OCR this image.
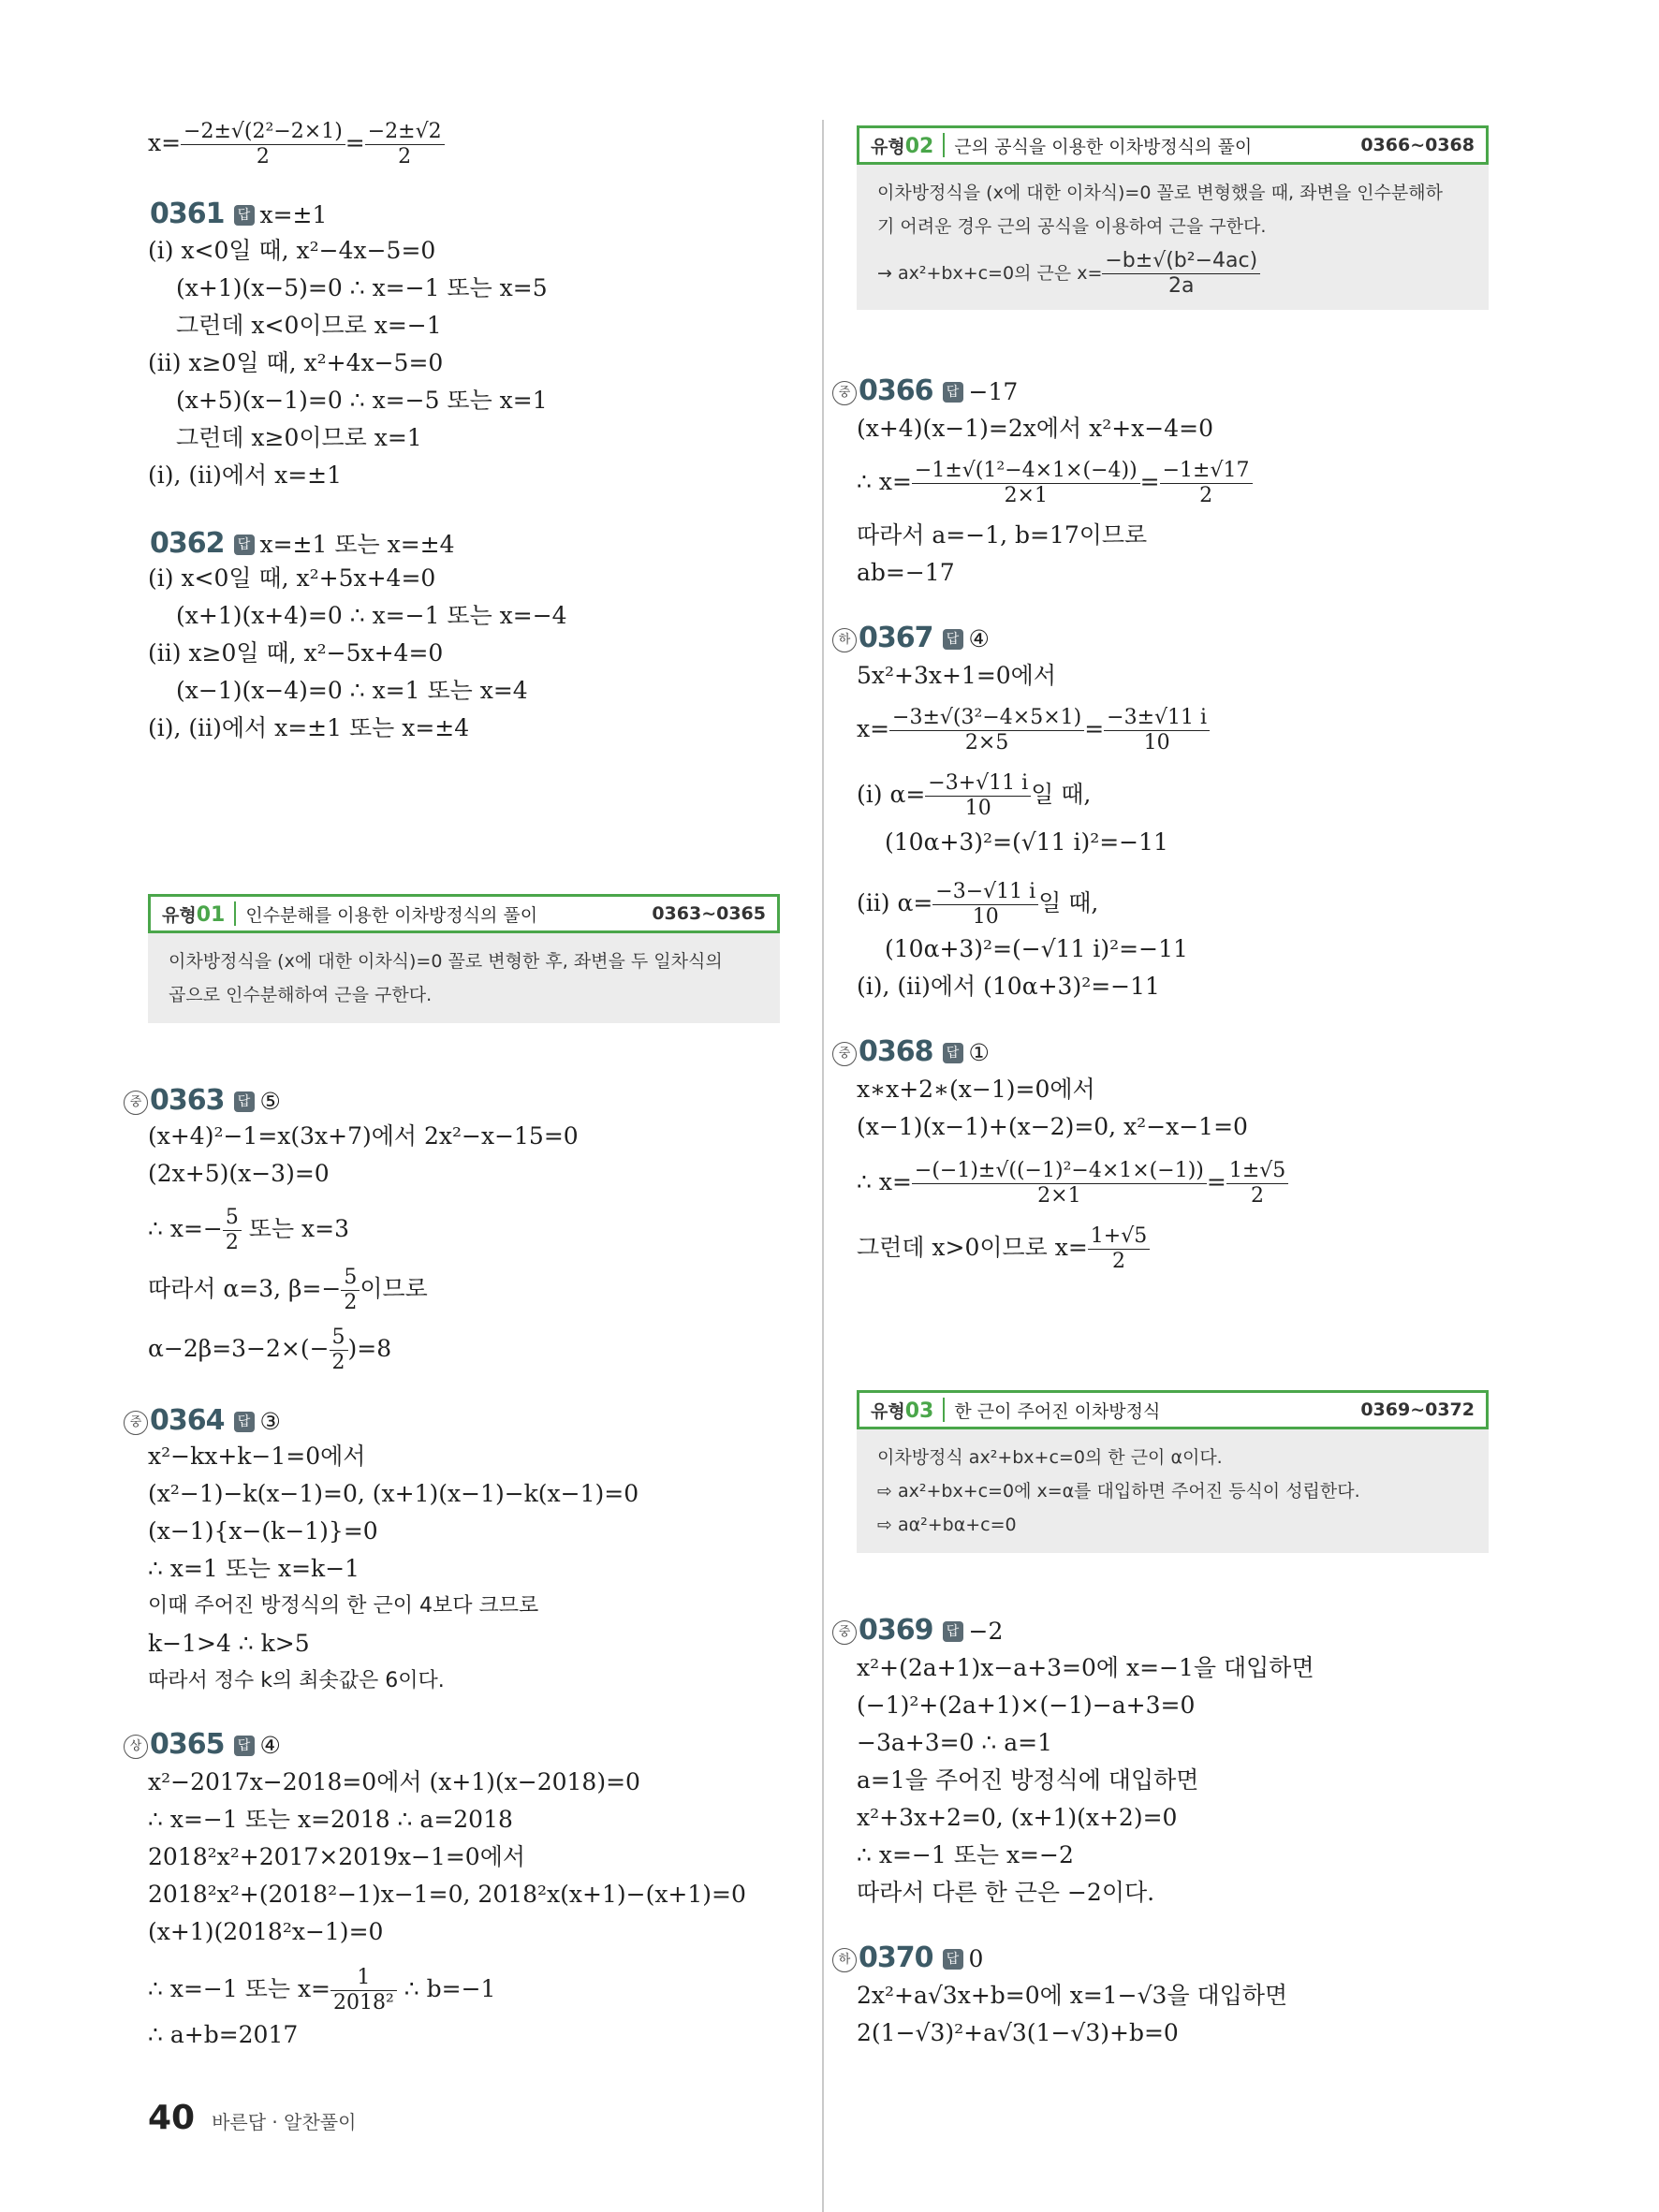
$x= \frac{\text{−2±√(2²−2×1)}}{2} = \frac{-2\pm√2}{2}$
0361 답 x=±1
(i) x<0일 때, x²−4x−5=0
(x+1)(x−5)=0 ∴ x=−1 또는 x=5
그런데 x<0이므로 x=−1
(ii) x≥0일 때, x²+4x−5=0
(x+5)(x−1)=0 ∴ x=−5 또는 x=1
그런데 x≥0이므로 x=1
(i), (ii)에서 x=±1
0362 답 x=±1 또는 x=±4
(i) x<0일 때, x²+5x+4=0
(x+1)(x+4)=0 ∴ x=−1 또는 x=−4
(ii) x≥0일 때, x²−5x+4=0
(x−1)(x−4)=0 ∴ x=1 또는 x=4
(i), (ii)에서 x=±1 또는 x=±4
유형01	인수분해를 이용한 이차방정식의 풀이	0363~0365
이차방정식을 (x에 대한 이차식)=0 꼴로 변형한 후, 좌변을 두 일차식의
곱으로 인수분해하여 근을 구한다.
중 0363 답 ⑤
(x+4)²−1=x(3x+7)에서 2x²−x−15=0
(2x+5)(x−3)=0
∴ $x=- \frac{5}{2}$ 또는 x=3
따라서 α=3, $\beta=- \frac{5}{2}$ 이므로
$\alpha-2\beta=3-2\times(- \frac{5}{2} )=8$
중 0364 답 ③
x²−kx+k−1=0에서
(x²−1)−k(x−1)=0, (x+1)(x−1)−k(x−1)=0
(x−1){x−(k−1)}=0
∴ x=1 또는 x=k−1
이때 주어진 방정식의 한 근이 4보다 크므로
k−1>4 ∴ k>5
따라서 정수 k의 최솟값은 6이다.
상 0365 답 ④
x²−2017x−2018=0에서 (x+1)(x−2018)=0
∴ x=−1 또는 x=2018 ∴ a=2018
2018²x²+2017×2019x−1=0에서
2018²x²+(2018²−1)x−1=0, 2018²x(x+1)−(x+1)=0
(x+1)(2018²x−1)=0
∴ x=−1 또는 $x= \frac{1}{\text{2018²}}$ ∴ b=−1
∴ a+b=2017
유형02	근의 공식을 이용한 이차방정식의 풀이	0366~0368
이차방정식을 (x에 대한 이차식)=0 꼴로 변형했을 때, 좌변을 인수분해하
기 어려운 경우 근의 공식을 이용하여 근을 구한다.
→ ax²+bx+c=0의 근은 $x= \frac{\text{−b±√(b²−4ac)}}{2a}$
중 0366 답 −17
(x+4)(x−1)=2x에서 x²+x−4=0
∴ $x= \frac{\text{−1±√(1²−4×1×(−4))}}{2\times 1} = \frac{-1\pm√17}{2}$
따라서 a=−1, b=17이므로
ab=−17
하 0367 답 ④
5x²+3x+1=0에서
$x= \frac{\text{−3±√(3²−4×5×1)}}{2\times 5} = \frac{-3\pm√11 i}{10}$
(i) $\alpha= \frac{-3+√11 i}{10}$ 일 때,
(10α+3)²=(√11 i)²=−11
(ii) $\alpha= \frac{-3-√11 i}{10}$ 일 때,
(10α+3)²=(−√11 i)²=−11
(i), (ii)에서 (10α+3)²=−11
중 0368 답 ①
x∗x+2∗(x−1)=0에서
(x−1)(x−1)+(x−2)=0, x²−x−1=0
∴ $x= \frac{\text{−(−1)±√((−1)²−4×1×(−1))}}{2\times 1} = \frac{1\pm√5}{2}$
그런데 x>0이므로 $x= \frac{1+√5}{2}$
유형03	한 근이 주어진 이차방정식	0369~0372
이차방정식 ax²+bx+c=0의 한 근이 α이다.
⇨ ax²+bx+c=0에 x=α를 대입하면 주어진 등식이 성립한다.
⇨ aα²+bα+c=0
중 0369 답 −2
x²+(2a+1)x−a+3=0에 x=−1을 대입하면
(−1)²+(2a+1)×(−1)−a+3=0
−3a+3=0 ∴ a=1
a=1을 주어진 방정식에 대입하면
x²+3x+2=0, (x+1)(x+2)=0
∴ x=−1 또는 x=−2
따라서 다른 한 근은 −2이다.
하 0370 답 0
2x²+a√3x+b=0에 x=1−√3을 대입하면
2(1−√3)²+a√3(1−√3)+b=0
40 바른답 · 알찬풀이
